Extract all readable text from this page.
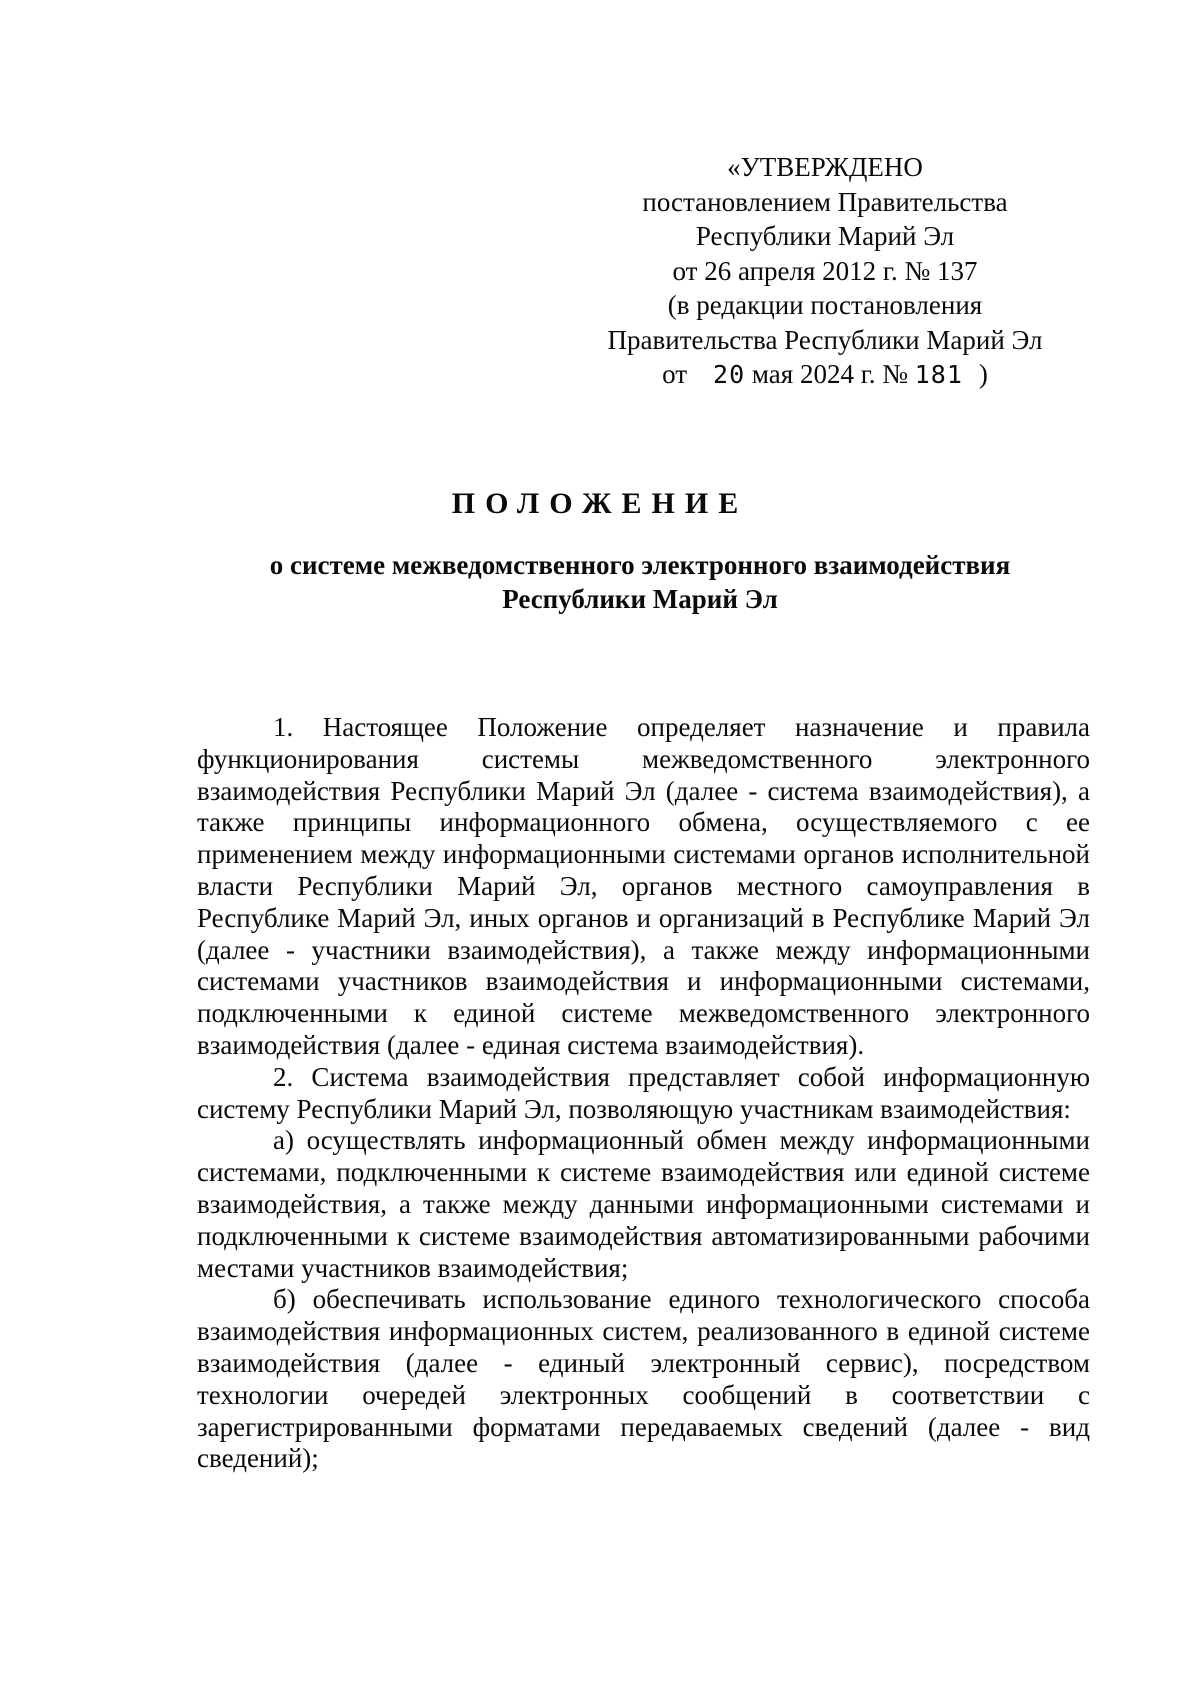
«УТВЕРЖДЕНО
постановлением Правительства
Республики Марий Эл
от 26 апреля 2012 г. № 137
(в редакции постановления
Правительства Республики Марий Эл
от 20 мая 2024 г. № 181 )
ПОЛОЖЕНИЕ
о системе межведомственного электронного взаимодействия
Республики Марий Эл
1. Настоящее Положение определяет назначение и правила функционирования системы межведомственного электронного взаимодействия Республики Марий Эл (далее - система взаимодействия), а также принципы информационного обмена, осуществляемого с ее применением между информационными системами органов исполнительной власти Республики Марий Эл, органов местного самоуправления в Республике Марий Эл, иных органов и организаций в Республике Марий Эл (далее - участники взаимодействия), а также между информационными системами участников взаимодействия и информационными системами, подключенными к единой системе межведомственного электронного взаимодействия (далее - единая система взаимодействия).
2. Система взаимодействия представляет собой информационную систему Республики Марий Эл, позволяющую участникам взаимодействия:
а) осуществлять информационный обмен между информационными системами, подключенными к системе взаимодействия или единой системе взаимодействия, а также между данными информационными системами и подключенными к системе взаимодействия автоматизированными рабочими местами участников взаимодействия;
б) обеспечивать использование единого технологического способа взаимодействия информационных систем, реализованного в единой системе взаимодействия (далее - единый электронный сервис), посредством технологии очередей электронных сообщений в соответствии с зарегистрированными форматами передаваемых сведений (далее - вид сведений);
